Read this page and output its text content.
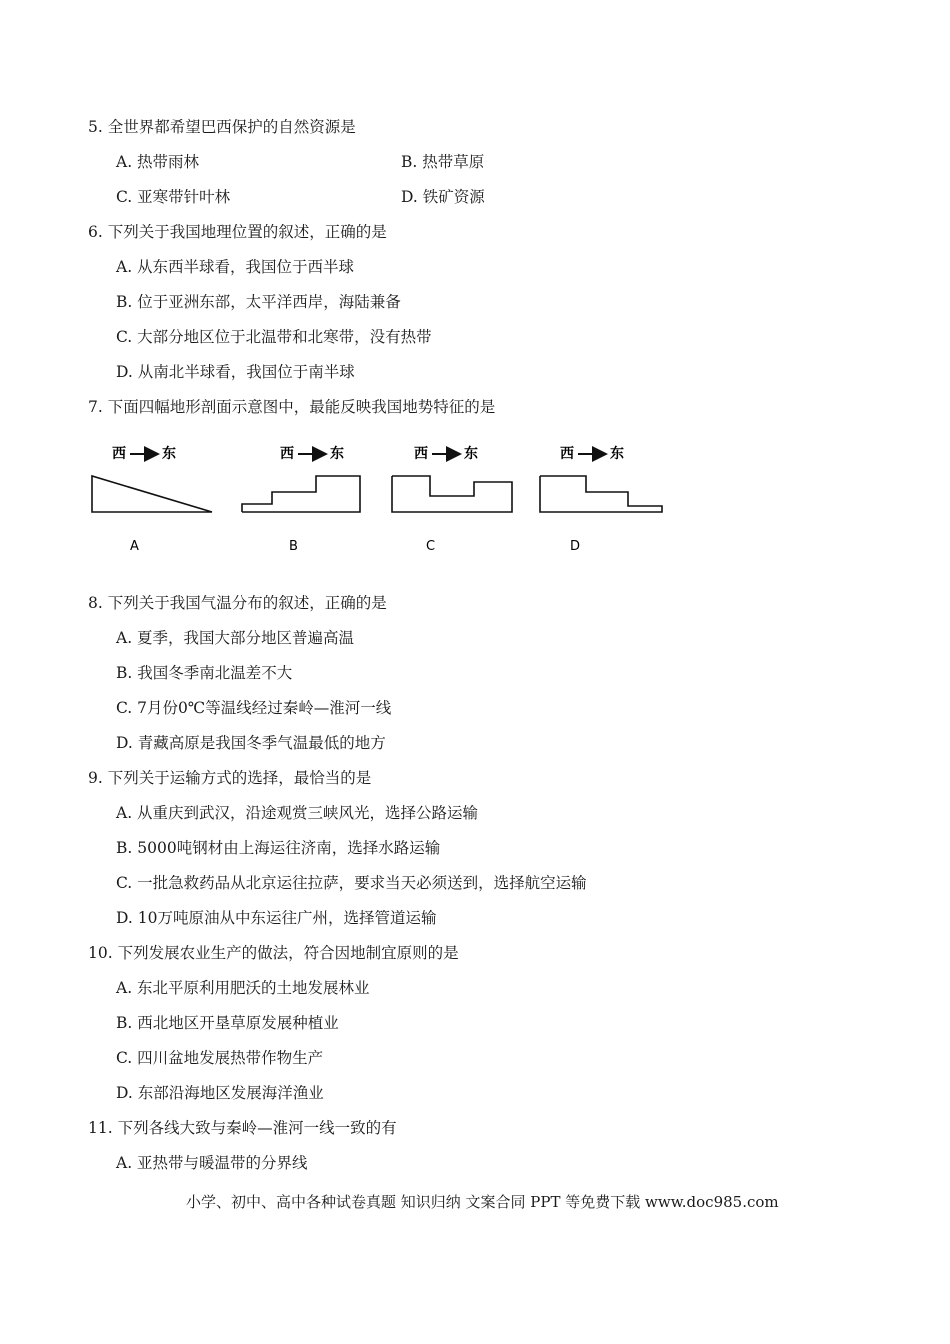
5. 全世界都希望巴西保护的自然资源是
A. 热带雨林	B. 热带草原
C. 亚寒带针叶林	D. 铁矿资源
6. 下列关于我国地理位置的叙述，正确的是
A. 从东西半球看，我国位于西半球
B. 位于亚洲东部，太平洋西岸，海陆兼备
C. 大部分地区位于北温带和北寒带，没有热带
D. 从南北半球看，我国位于南半球
7. 下面四幅地形剖面示意图中，最能反映我国地势特征的是
西	东
A
西	东
B
西	东
C
西	东
D
8. 下列关于我国气温分布的叙述，正确的是
A. 夏季，我国大部分地区普遍高温
B. 我国冬季南北温差不大
C. 7月份0℃等温线经过秦岭—淮河一线
D. 青藏高原是我国冬季气温最低的地方
9. 下列关于运输方式的选择，最恰当的是
A. 从重庆到武汉，沿途观赏三峡风光，选择公路运输
B. 5000吨钢材由上海运往济南，选择水路运输
C. 一批急救药品从北京运往拉萨，要求当天必须送到，选择航空运输
D. 10万吨原油从中东运往广州，选择管道运输
10. 下列发展农业生产的做法，符合因地制宜原则的是
A. 东北平原利用肥沃的土地发展林业
B. 西北地区开垦草原发展种植业
C. 四川盆地发展热带作物生产
D. 东部沿海地区发展海洋渔业
11. 下列各线大致与秦岭—淮河一线一致的有
A. 亚热带与暖温带的分界线
小学、初中、高中各种试卷真题 知识归纳 文案合同 PPT 等免费下载 www.doc985.com
